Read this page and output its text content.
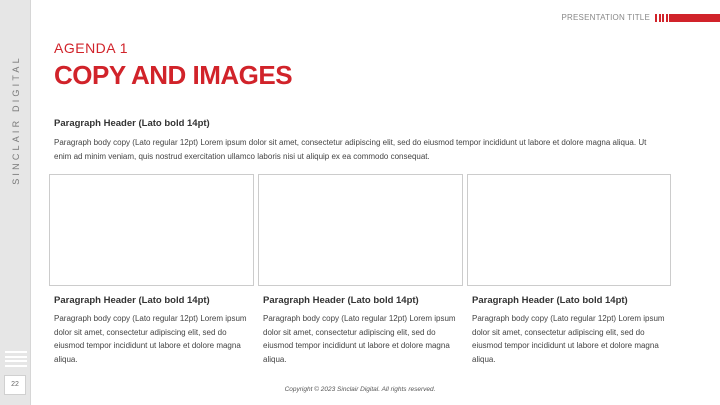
SINCLAIR DIGITAL
22
PRESENTATION TITLE
AGENDA 1
COPY AND IMAGES
Paragraph Header (Lato bold 14pt)
Paragraph body copy (Lato regular 12pt) Lorem ipsum dolor sit amet, consectetur adipiscing elit, sed do eiusmod tempor incididunt ut labore et dolore magna aliqua. Ut enim ad minim veniam, quis nostrud exercitation ullamco laboris nisi ut aliquip ex ea commodo consequat.
Paragraph Header (Lato bold 14pt)
Paragraph body copy (Lato regular 12pt) Lorem ipsum dolor sit amet, consectetur adipiscing elit, sed do eiusmod tempor incididunt ut labore et dolore magna aliqua.
Paragraph Header (Lato bold 14pt)
Paragraph body copy (Lato regular 12pt) Lorem ipsum dolor sit amet, consectetur adipiscing elit, sed do eiusmod tempor incididunt ut labore et dolore magna aliqua.
Paragraph Header (Lato bold 14pt)
Paragraph body copy (Lato regular 12pt) Lorem ipsum dolor sit amet, consectetur adipiscing elit, sed do eiusmod tempor incididunt ut labore et dolore magna aliqua.
Copyright © 2023 Sinclair Digital. All rights reserved.
